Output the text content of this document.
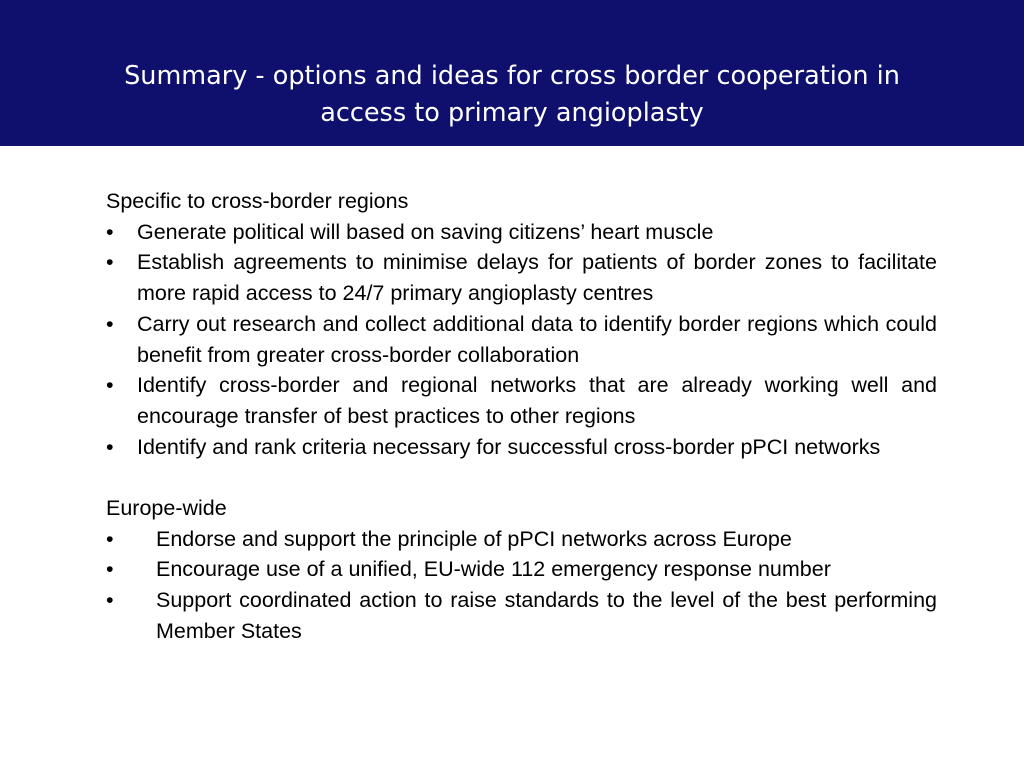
Summary - options and ideas for cross border cooperation in
access to primary angioplasty

Specific to cross-border regions

• Generate political will based on saving citizens’ heart muscle
• Establish agreements to minimise delays for patients of border zones to facilitate more rapid access to 24/7 primary angioplasty centres
• Carry out research and collect additional data to identify border regions which could benefit from greater cross-border collaboration
• Identify cross-border and regional networks that are already working well and encourage transfer of best practices to other regions
• Identify and rank criteria necessary for successful cross-border pPCI networks

Europe-wide

• Endorse and support the principle of pPCI networks across Europe
• Encourage use of a unified, EU-wide 112 emergency response number
• Support coordinated action to raise standards to the level of the best performing Member States
